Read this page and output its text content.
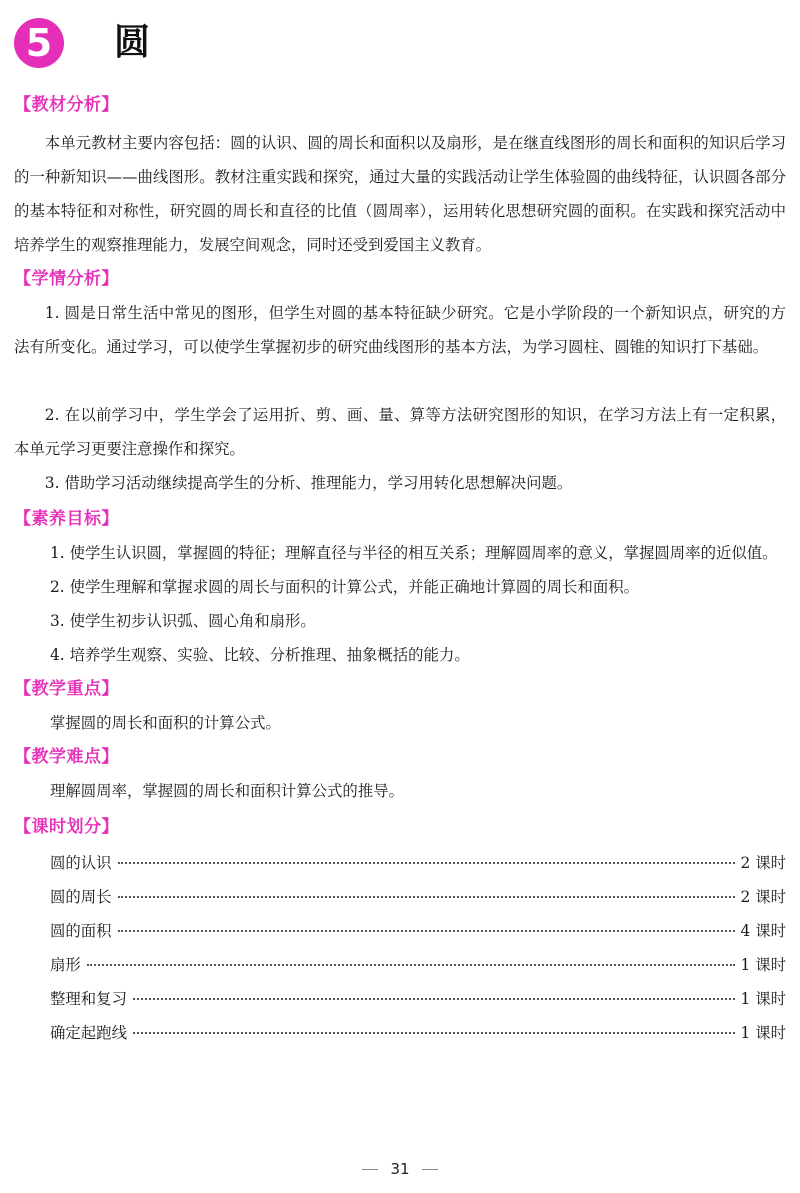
5	圆
【教材分析】

本单元教材主要内容包括：圆的认识、圆的周长和面积以及扇形，是在继直线图形的周长和面积的知识后学习的一种新知识——曲线图形。教材注重实践和探究，通过大量的实践活动让学生体验圆的曲线特征，认识圆各部分的基本特征和对称性，研究圆的周长和直径的比值（圆周率），运用转化思想研究圆的面积。在实践和探究活动中培养学生的观察推理能力，发展空间观念，同时还受到爱国主义教育。

【学情分析】

1. 圆是日常生活中常见的图形，但学生对圆的基本特征缺少研究。它是小学阶段的一个新知识点，研究的方法有所变化。通过学习，可以使学生掌握初步的研究曲线图形的基本方法，为学习圆柱、圆锥的知识打下基础。

2. 在以前学习中，学生学会了运用折、剪、画、量、算等方法研究图形的知识，在学习方法上有一定积累，本单元学习更要注意操作和探究。

3. 借助学习活动继续提高学生的分析、推理能力，学习用转化思想解决问题。

【素养目标】
1. 使学生认识圆，掌握圆的特征；理解直径与半径的相互关系；理解圆周率的意义，掌握圆周率的近似值。
2. 使学生理解和掌握求圆的周长与面积的计算公式，并能正确地计算圆的周长和面积。
3. 使学生初步认识弧、圆心角和扇形。
4. 培养学生观察、实验、比较、分析推理、抽象概括的能力。
【教学重点】
掌握圆的周长和面积的计算公式。
【教学难点】
理解圆周率，掌握圆的周长和面积计算公式的推导。
【课时划分】
圆的认识	2 课时
圆的周长	2 课时
圆的面积	4 课时
扇形	1 课时
整理和复习	1 课时
确定起跑线	1 课时
31
